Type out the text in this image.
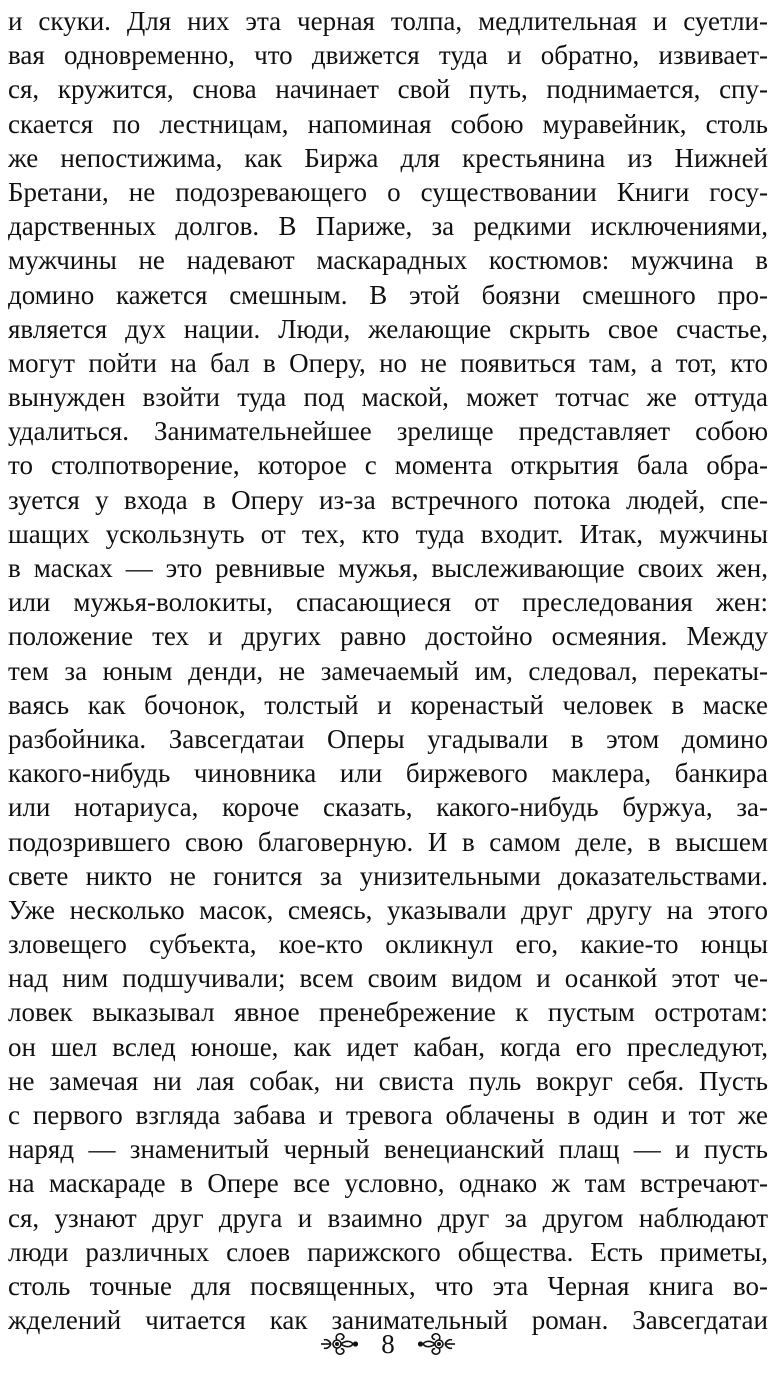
и скуки. Для них эта черная толпа, медлительная и суетли-
вая одновременно, что движется туда и обратно, извивает-
ся, кружится, снова начинает свой путь, поднимается, спу-
скается по лестницам, напоминая собою муравейник, столь
же непостижима, как Биржа для крестьянина из Нижней
Бретани, не подозревающего о существовании Книги госу-
дарственных долгов. В Париже, за редкими исключениями,
мужчины не надевают маскарадных костюмов: мужчина в
домино кажется смешным. В этой боязни смешного про-
является дух нации. Люди, желающие скрыть свое счастье,
могут пойти на бал в Оперу, но не появиться там, а тот, кто
вынужден взойти туда под маской, может тотчас же оттуда
удалиться. Занимательнейшее зрелище представляет собою
то столпотворение, которое с момента открытия бала обра-
зуется у входа в Оперу из-за встречного потока людей, спе-
шащих ускользнуть от тех, кто туда входит. Итак, мужчины
в масках — это ревнивые мужья, выслеживающие своих жен,
или мужья-волокиты, спасающиеся от преследования жен:
положение тех и других равно достойно осмеяния. Между
тем за юным денди, не замечаемый им, следовал, перекаты-
ваясь как бочонок, толстый и коренастый человек в маске
разбойника. Завсегдатаи Оперы угадывали в этом домино
какого-нибудь чиновника или биржевого маклера, банкира
или нотариуса, короче сказать, какого-нибудь буржуа, за-
подозрившего свою благоверную. И в самом деле, в высшем
свете никто не гонится за унизительными доказательствами.
Уже несколько масок, смеясь, указывали друг другу на этого
зловещего субъекта, кое-кто окликнул его, какие-то юнцы
над ним подшучивали; всем своим видом и осанкой этот че-
ловек выказывал явное пренебрежение к пустым остротам:
он шел вслед юноше, как идет кабан, когда его преследуют,
не замечая ни лая собак, ни свиста пуль вокруг себя. Пусть
с первого взгляда забава и тревога облачены в один и тот же
наряд — знаменитый черный венецианский плащ — и пусть
на маскараде в Опере все условно, однако ж там встречают-
ся, узнают друг друга и взаимно друг за другом наблюдают
люди различных слоев парижского общества. Есть приметы,
столь точные для посвященных, что эта Черная книга во-
жделений читается как занимательный роман. Завсегдатаи
8
